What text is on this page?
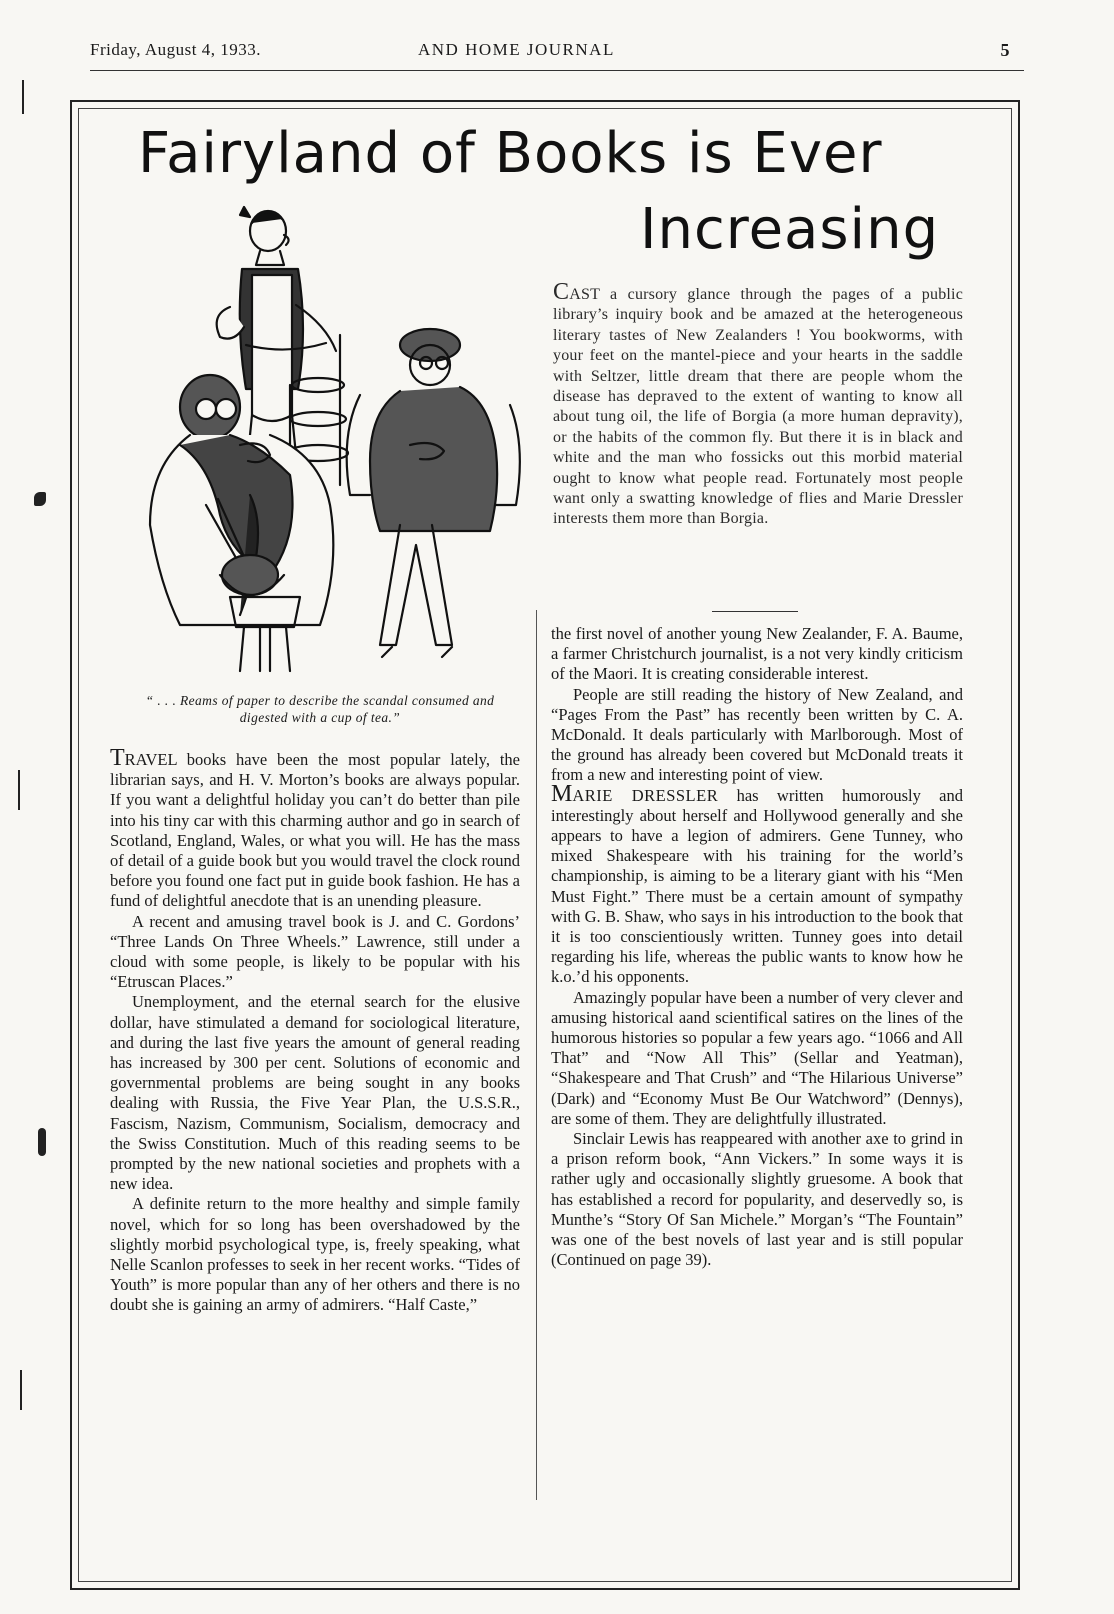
Friday, August 4, 1933.	AND HOME JOURNAL	5
Fairyland of Books is Ever
Increasing
“ . . . Reams of paper to describe the scandal consumed and digested with a cup of tea.”

TRAVEL books have been the most popular lately, the librarian says, and H. V. Morton’s books are always popular. If you want a delightful holiday you can’t do better than pile into his tiny car with this charming author and go in search of Scotland, England, Wales, or what you will. He has the mass of detail of a guide book but you would travel the clock round before you found one fact put in guide book fashion. He has a fund of delightful anecdote that is an unending pleasure.

A recent and amusing travel book is J. and C. Gordons’ “Three Lands On Three Wheels.” Lawrence, still under a cloud with some people, is likely to be popular with his “Etruscan Places.”

Unemployment, and the eternal search for the elusive dollar, have stimulated a demand for sociological literature, and during the last five years the amount of general reading has increased by 300 per cent. Solutions of economic and governmental problems are being sought in any books dealing with Russia, the Five Year Plan, the U.S.S.R., Fascism, Nazism, Communism, Socialism, democracy and the Swiss Constitution. Much of this reading seems to be prompted by the new national societies and prophets with a new idea.

A definite return to the more healthy and simple family novel, which for so long has been overshadowed by the slightly morbid psychological type, is, freely speaking, what Nelle Scanlon professes to seek in her recent works. “Tides of Youth” is more popular than any of her others and there is no doubt she is gaining an army of admirers. “Half Caste,”

CAST a cursory glance through the pages of a public library’s inquiry book and be amazed at the heterogeneous literary tastes of New Zealanders ! You bookworms, with your feet on the mantel-piece and your hearts in the saddle with Seltzer, little dream that there are people whom the disease has depraved to the extent of wanting to know all about tung oil, the life of Borgia (a more human depravity), or the habits of the common fly. But there it is in black and white and the man who fossicks out this morbid material ought to know what people read. Fortunately most people want only a swatting knowledge of flies and Marie Dressler interests them more than Borgia.

the first novel of another young New Zealander, F. A. Baume, a farmer Christchurch journalist, is a not very kindly criticism of the Maori. It is creating considerable interest.

People are still reading the history of New Zealand, and “Pages From the Past” has recently been written by C. A. McDonald. It deals particularly with Marlborough. Most of the ground has already been covered but McDonald treats it from a new and interesting point of view.

MARIE DRESSLER has written humorously and interestingly about herself and Hollywood generally and she appears to have a legion of admirers. Gene Tunney, who mixed Shakespeare with his training for the world’s championship, is aiming to be a literary giant with his “Men Must Fight.” There must be a certain amount of sympathy with G. B. Shaw, who says in his introduction to the book that it is too conscientiously written. Tunney goes into detail regarding his life, whereas the public wants to know how he k.o.’d his opponents.

Amazingly popular have been a number of very clever and amusing historical aand scientifical satires on the lines of the humorous histories so popular a few years ago. “1066 and All That” and “Now All This” (Sellar and Yeatman), “Shakespeare and That Crush” and “The Hilarious Universe” (Dark) and “Economy Must Be Our Watchword” (Dennys), are some of them. They are delightfully illustrated.

Sinclair Lewis has reappeared with another axe to grind in a prison reform book, “Ann Vickers.” In some ways it is rather ugly and occasionally slightly gruesome. A book that has established a record for popularity, and deservedly so, is Munthe’s “Story Of San Michele.” Morgan’s “The Fountain” was one of the best novels of last year and is still popular (Continued on page 39).
